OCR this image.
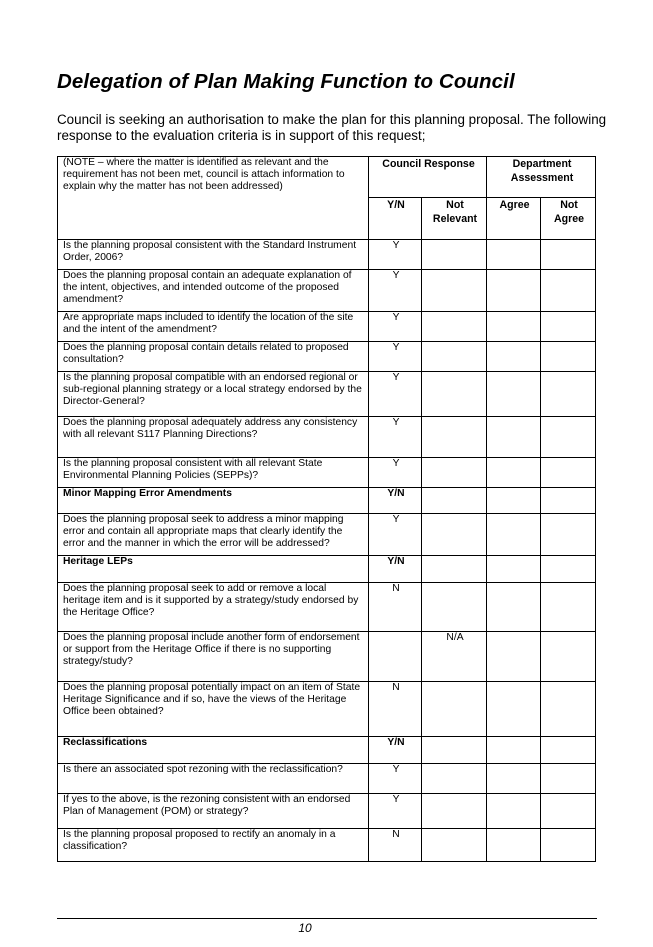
Delegation of Plan Making Function to Council
Council is seeking an authorisation to make the plan for this planning proposal. The following response to the evaluation criteria is in support of this request;
(NOTE – where the matter is identified as relevant and the requirement has not been met, council is attach information to explain why the matter has not been addressed)	Council Response		Department Assessment	
	Y/N	Not Relevant	Agree	Not Agree
Is the planning proposal consistent with the Standard Instrument Order, 2006?	Y			
Does the planning proposal contain an adequate explanation of the intent, objectives, and intended outcome of the proposed amendment?	Y			
Are appropriate maps included to identify the location of the site and the intent of the amendment?	Y			
Does the planning proposal contain details related to proposed consultation?	Y			
Is the planning proposal compatible with an endorsed regional or sub-regional planning strategy or a local strategy endorsed by the Director-General?	Y			
Does the planning proposal adequately address any consistency with all relevant S117 Planning Directions?	Y			
Is the planning proposal consistent with all relevant State Environmental Planning Policies (SEPPs)?	Y			
Minor Mapping Error Amendments	Y/N			
Does the planning proposal seek to address a minor mapping error and contain all appropriate maps that clearly identify the error and the manner in which the error will be addressed?	Y			
Heritage LEPs	Y/N			
Does the planning proposal seek to add or remove a local heritage item and is it supported by a strategy/study endorsed by the Heritage Office?	N			
Does the planning proposal include another form of endorsement or support from the Heritage Office if there is no supporting strategy/study?		N/A		
Does the planning proposal potentially impact on an item of State Heritage Significance and if so, have the views of the Heritage Office been obtained?	N			
Reclassifications	Y/N			
Is there an associated spot rezoning with the reclassification?	Y			
If yes to the above, is the rezoning consistent with an endorsed Plan of Management (POM) or strategy?	Y			
Is the planning proposal proposed to rectify an anomaly in a classification?	N			
10
